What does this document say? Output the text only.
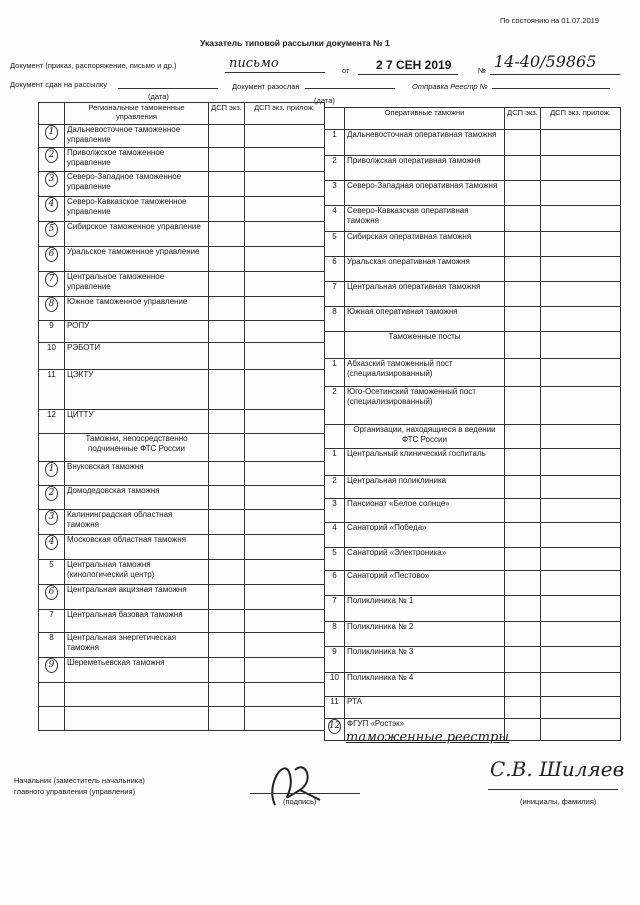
По состоянию на 01.07.2019
Указатель типовой рассылки документа № 1
Документ (приказ, распоряжение, письмо и др.)	$^{письмо}$	от	$^{2 7 СЕН 2019}$	№ 14-40/59865
Документ сдан на рассылку	Документ разослан	Отправка Реестр №
(дата)	(дата)
	Региональные таможенные управления	ДСП экз.	ДСП экз. прилож.
1	Дальневосточное таможенное управление		
2	Приволжское таможенное управление		
3	Северо-Западное таможенное управление		
4	Северо-Кавказское таможенное управление		
5	Сибирское таможенное управление		
6	Уральское таможенное управление		
7	Центральное таможенное управление		
8	Южное таможенное управление		
9	РОПУ		
10	РЭБОТИ		
11	ЦЭКТУ		
12	ЦИТТУ		
	Таможни, непосредственно подчиненные ФТС России		
1	Внуковская таможня		
2	Домодедовская таможня		
3	Калининградская областная таможня		
4	Московская областная таможня		
5	Центральная таможня (кинологический центр)		
6	Центральная акцизная таможня		
7	Центральная базовая таможня		
8	Центральная энергетическая таможня		
9	Шереметьевская таможня		

	Оперативные таможни	ДСП экз.	ДСП экз. прилож.
1	Дальневосточная оперативная таможня		
2	Приволжская оперативная таможня		
3	Северо-Западная оперативная таможня		
4	Северо-Кавказская оперативная таможня		
5	Сибирская оперативная таможня		
6	Уральская оперативная таможня		
7	Центральная оперативная таможня		
8	Южная оперативная таможня		
	Таможенные посты		
1	Абхазский таможенный пост (специализированный)		
2	Юго-Осетинский таможенный пост (специализированный)		
	Организации, находящиеся в ведении ФТС России		
1	Центральный клинический госпиталь		
2	Центральная поликлиника		
3	Пансионат «Белое солнце»		
4	Санаторий «Победа»		
5	Санаторий «Электроника»		
6	Санаторий «Пестово»		
7	Поликлиника № 1		
8	Поликлиника № 2		
9	Поликлиника № 3		
10	Поликлиника № 4		
11	РТА		
12	ФГУП «Ростэк»		
таможенные реестры
Начальник (заместитель начальника)
главного управления (управления)
(подпись)
С.В. Шиляев
(инициалы, фамилия)
